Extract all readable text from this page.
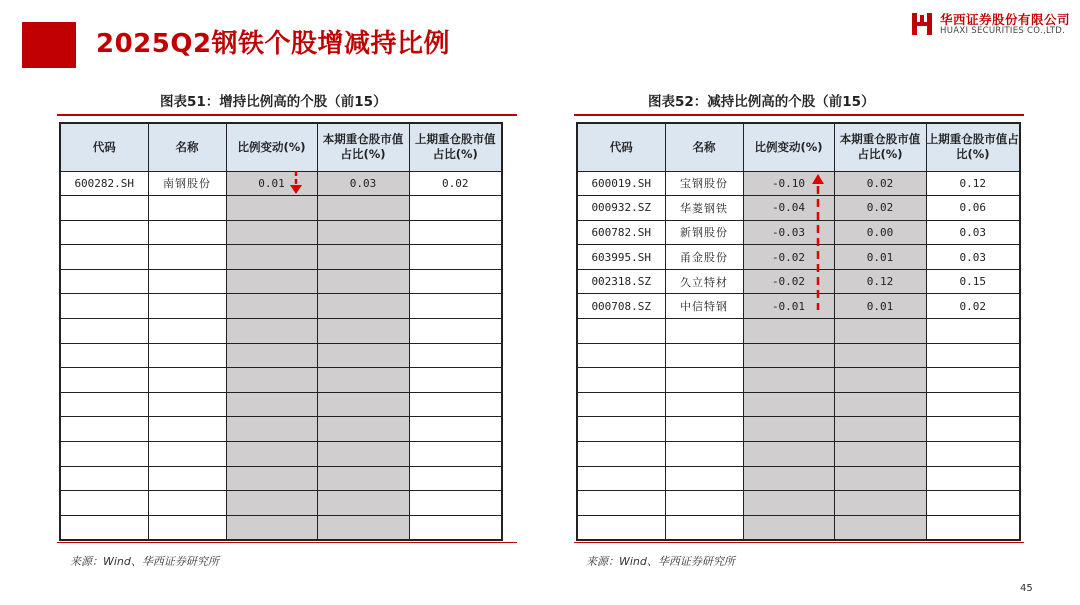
2025Q2钢铁个股增减持比例
华西证券股份有限公司
HUAXI SECURITIES CO.,LTD.
图表51：增持比例高的个股（前15）	图表52：减持比例高的个股（前15）
代码	名称	比例变动(%)	本期重仓股市值占比(%)	上期重仓股市值占比(%)
600282.SH	南钢股份	0.01	0.03	0.02

代码	名称	比例变动(%)	本期重仓股市值占比(%)	上期重仓股市值占比(%)
600019.SH	宝钢股份	-0.10	0.02	0.12
000932.SZ	华菱钢铁	-0.04	0.02	0.06
600782.SH	新钢股份	-0.03	0.00	0.03
603995.SH	甬金股份	-0.02	0.01	0.03
002318.SZ	久立特材	-0.02	0.12	0.15
000708.SZ	中信特钢	-0.01	0.01	0.02

来源：Wind、华西证券研究所	来源：Wind、华西证券研究所
45
